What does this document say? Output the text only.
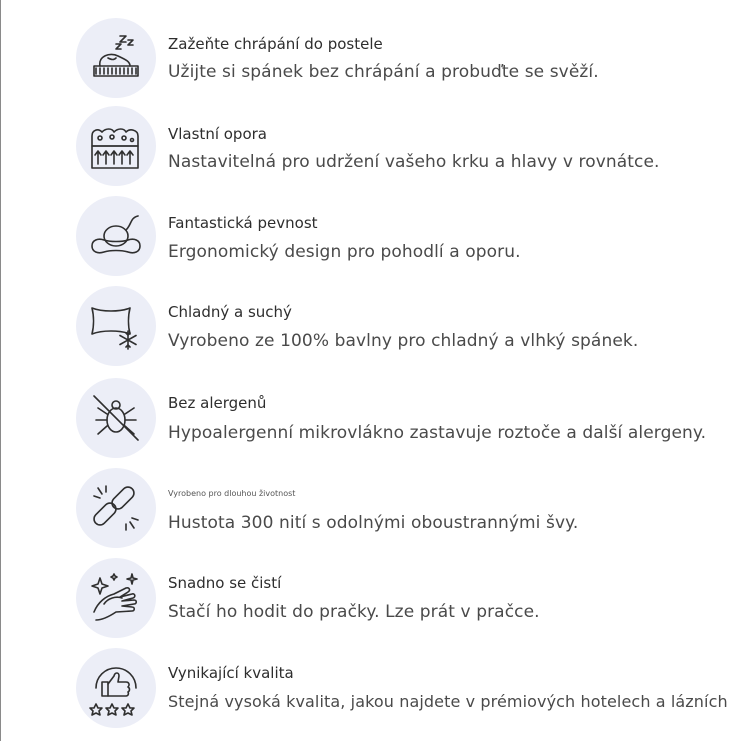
Zažeňte chrápání do postele
Užijte si spánek bez chrápání a probuďte se svěží.
Vlastní opora
Nastavitelná pro udržení vašeho krku a hlavy v rovnátce.
Fantastická pevnost
Ergonomický design pro pohodlí a oporu.
Chladný a suchý
Vyrobeno ze 100% bavlny pro chladný a vlhký spánek.
Bez alergenů
Hypoalergenní mikrovlákno zastavuje roztoče a další alergeny.
Vyrobeno pro dlouhou životnost
Hustota 300 nití s odolnými oboustrannými švy.
Snadno se čistí
Stačí ho hodit do pračky. Lze prát v pračce.
Vynikající kvalita
Stejná vysoká kvalita, jakou najdete v prémiových hotelech a lázních
